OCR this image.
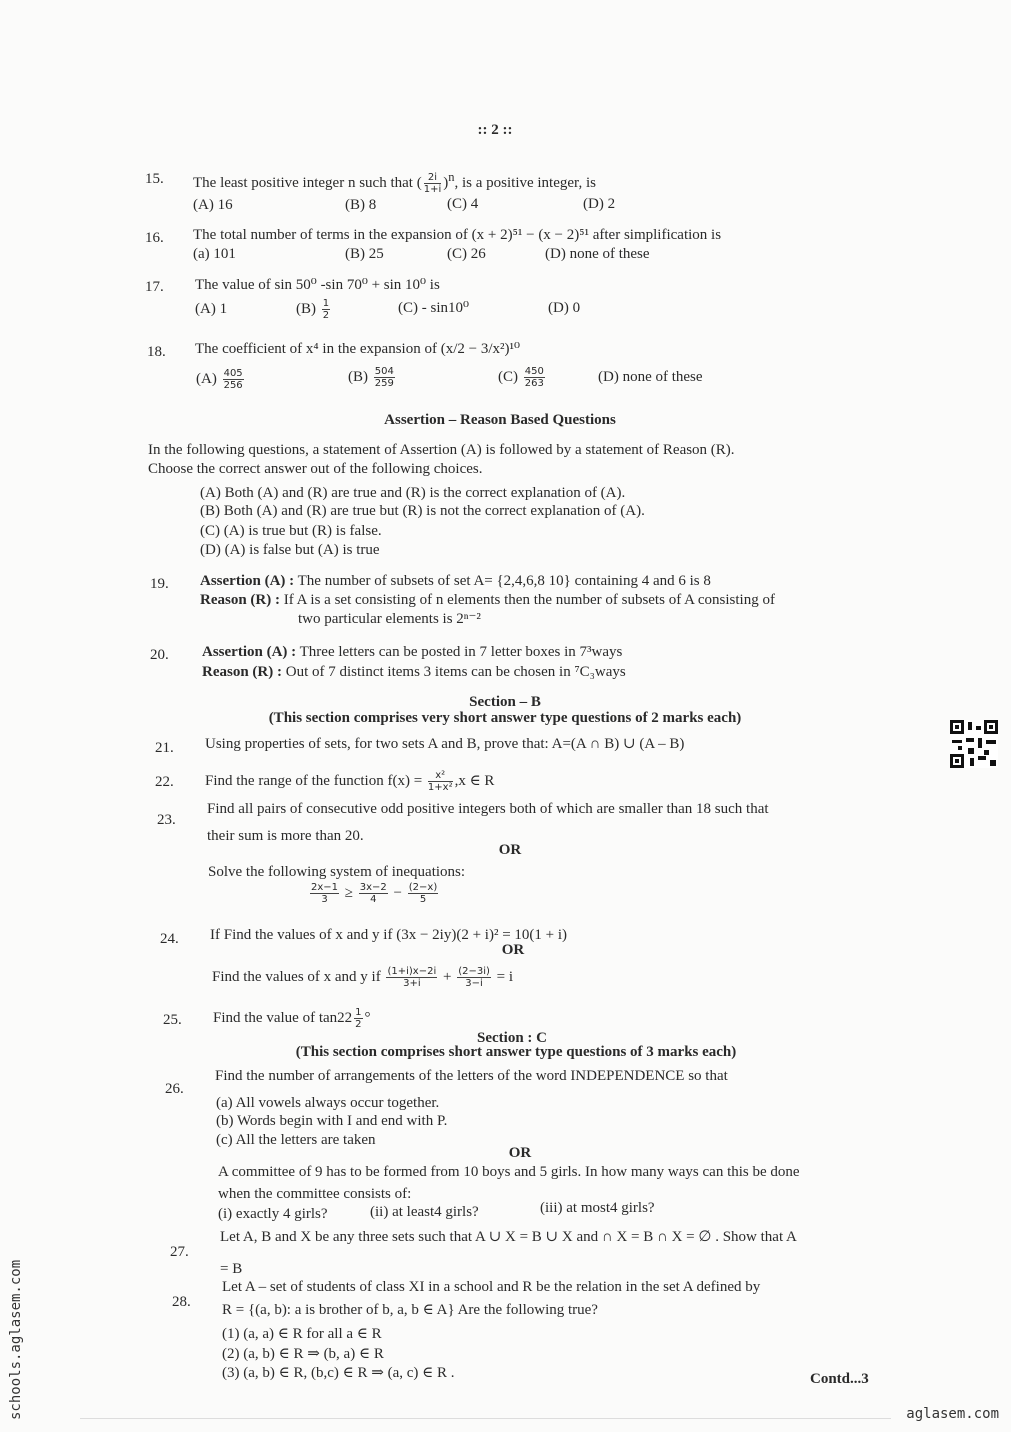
:: 2 ::
15. The least positive integer n such that ( $\frac{2i}{1+i} )^n$, is a positive integer, is
(A) 16	(B) 8	(C) 4	(D) 2
16. The total number of terms in the expansion of (x + 2)⁵¹ − (x − 2)⁵¹ after simplification is
(a) 101	(B) 25	(C) 26	(D) none of these
17. The value of sin 50⁰ -sin 70⁰ + sin 10⁰ is
(A) 1	$(B) \frac{1}{2}$	(C) - sin10⁰	(D) 0
18. The coefficient of x⁴ in the expansion of (x/2 − 3/x²)¹⁰
$(A) \frac{405}{256}$	$(B) \frac{504}{259}$	$(C) \frac{450}{263}$	(D) none of these
Assertion – Reason Based Questions
In the following questions, a statement of Assertion (A) is followed by a statement of Reason (R).
Choose the correct answer out of the following choices.
(A) Both (A) and (R) are true and (R) is the correct explanation of (A).
(B) Both (A) and (R) are true but (R) is not the correct explanation of (A).
(C) (A) is true but (R) is false.
(D) (A) is false but (A) is true
19. Assertion (A) : The number of subsets of set A= {2,4,6,8 10} containing 4 and 6 is 8
Reason (R) : If A is a set consisting of n elements then the number of subsets of A consisting of
two particular elements is 2ⁿ⁻²
20. Assertion (A) : Three letters can be posted in 7 letter boxes in 7³ways
Reason (R) : Out of 7 distinct items 3 items can be chosen in ⁷C₃ways
Section – B
(This section comprises very short answer type questions of 2 marks each)
21. Using properties of sets, for two sets A and B, prove that: A=(A ∩ B) ∪ (A – B)
22. Find the range of the function $f(x) = \frac{\text{x²}}{\text{1+x²}} ,x$ ∈ R
23.
Find all pairs of consecutive odd positive integers both of which are smaller than 18 such that
their sum is more than 20.
OR
Solve the following system of inequations:
$\frac{2x-1}{3} \ge \frac{3x-2}{4} - \frac{(2-x)}{5}$
24. If Find the values of x and y if (3x − 2iy)(2 + i)² = 10(1 + i)
OR
Find the values of x and y if $\frac{(1+i)x-2i}{3+i} + \frac{(2-3i)}{3-i} = i$
25. Find the value of $\tan 22 \frac{1}{2}$ °
Section : C
(This section comprises short answer type questions of 3 marks each)
26.
Find the number of arrangements of the letters of the word INDEPENDENCE so that
(a) All vowels always occur together.
(b) Words begin with I and end with P.
(c) All the letters are taken
OR
A committee of 9 has to be formed from 10 boys and 5 girls. In how many ways can this be done
when the committee consists of:
(i) exactly 4 girls?	(ii) at least4 girls?	(iii) at most4 girls?
27.
Let A, B and X be any three sets such that A ∪ X = B ∪ X and ∩ X = B ∩ X = ∅ . Show that A
= B
28.
Let A – set of students of class XI in a school and R be the relation in the set A defined by
R = {(a, b): a is brother of b, a, b ∈ A} Are the following true?
(1) (a, a) ∈ R for all a ∈ R
(2) (a, b) ∈ R ⇒ (b, a) ∈ R
(3) (a, b) ∈ R, (b,c) ∈ R ⇒ (a, c) ∈ R .	Contd...3
schools.aglasem.com	aglasem.com
